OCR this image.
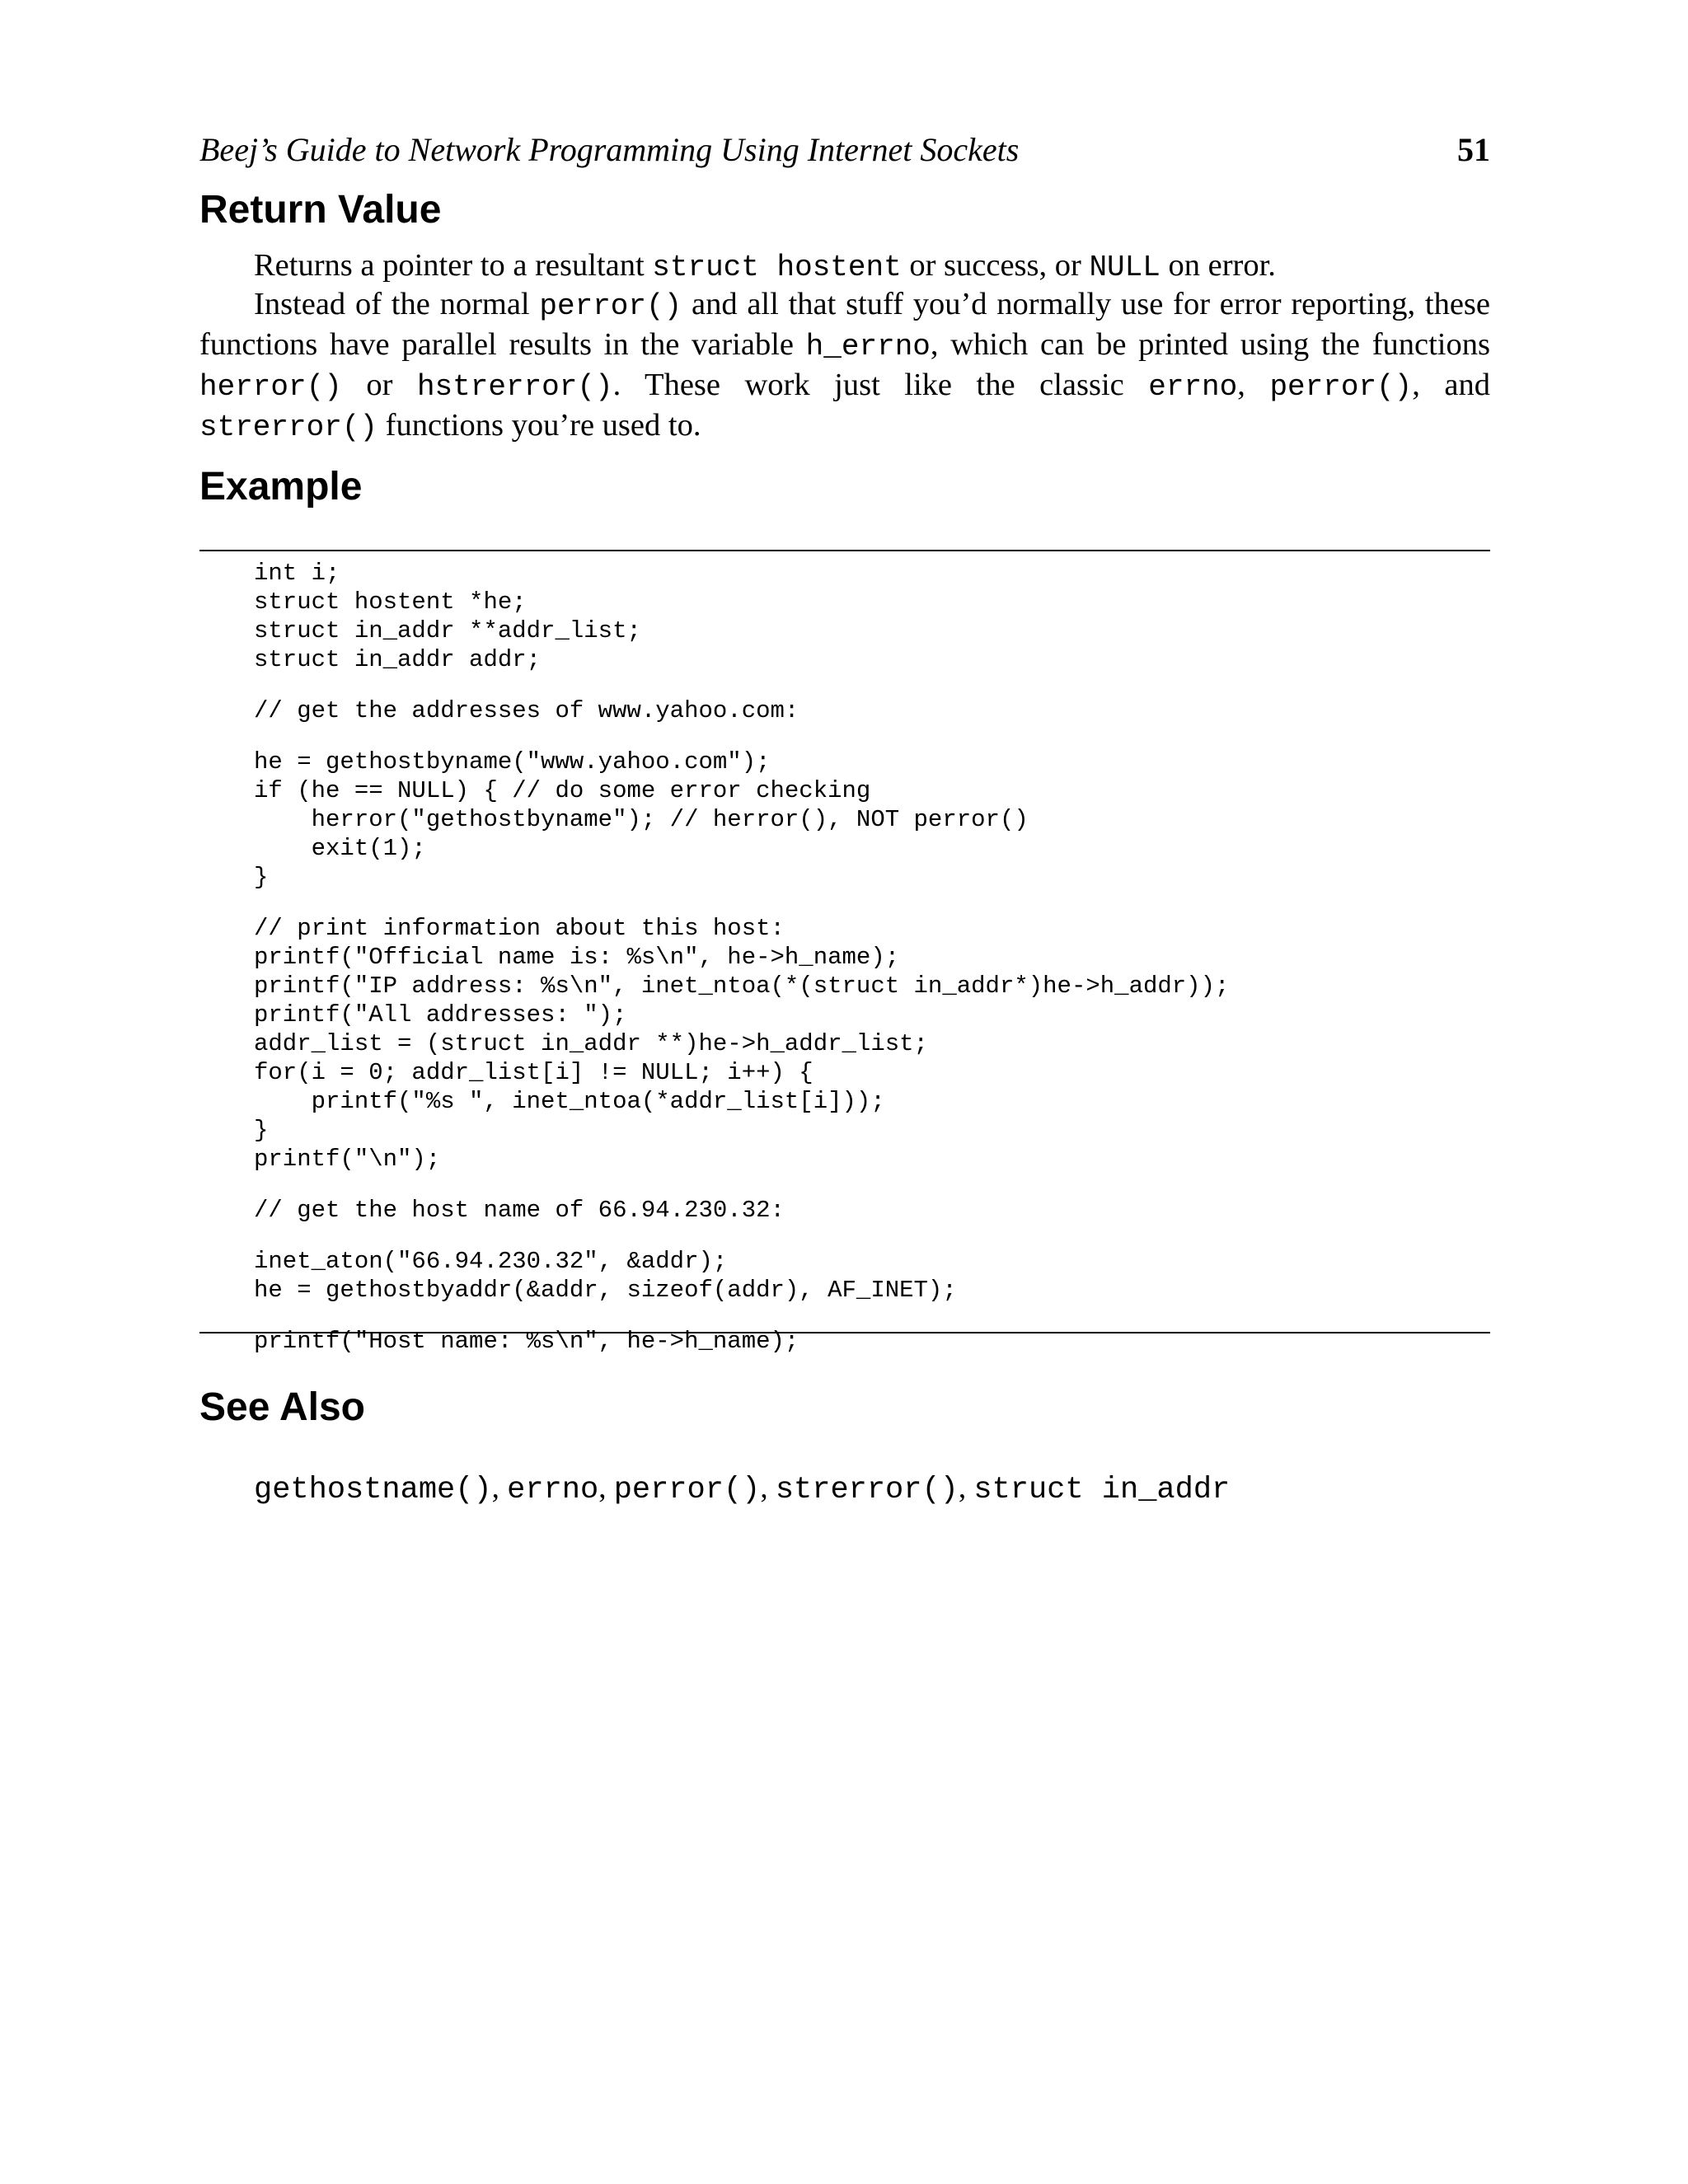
Beej’s Guide to Network Programming Using Internet Sockets	51
Return Value

Returns a pointer to a resultant struct hostent or success, or NULL on error.

Instead of the normal perror() and all that stuff you’d normally use for error reporting, these functions have parallel results in the variable h_errno, which can be printed using the functions herror() or hstrerror(). These work just like the classic errno, perror(), and strerror() functions you’re used to.

Example
int i;
struct hostent *he;
struct in_addr **addr_list;
struct in_addr addr;
// get the addresses of www.yahoo.com:
he = gethostbyname("www.yahoo.com");
if (he == NULL) { // do some error checking
herror("gethostbyname"); // herror(), NOT perror()
exit(1);
}
// print information about this host:
printf("Official name is: %s\n", he->h_name);
printf("IP address: %s\n", inet_ntoa(*(struct in_addr*)he->h_addr));
printf("All addresses: ");
addr_list = (struct in_addr **)he->h_addr_list;
for(i = 0; addr_list[i] != NULL; i++) {
printf("%s ", inet_ntoa(*addr_list[i]));
}
printf("\n");
// get the host name of 66.94.230.32:
inet_aton("66.94.230.32", &addr);
he = gethostbyaddr(&addr, sizeof(addr), AF_INET);
printf("Host name: %s\n", he->h_name);
See Also

gethostname(), errno, perror(), strerror(), struct in_addr
